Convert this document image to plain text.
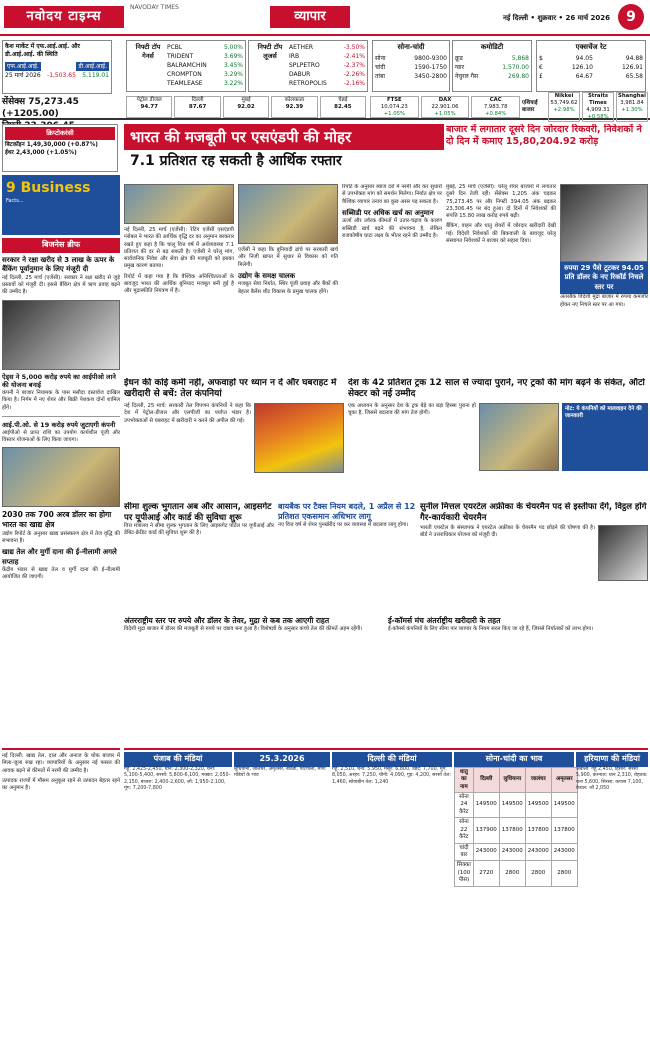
नवोदय टाइम्स
NAVODAY TIMES
व्यापार	नई दिल्ली • शुक्रवार • 26 मार्च 2026	9
कैश मार्केट में एफ.आई.आई. और डी.आई.आई. की स्थिति
एफ.आई.आई.	डी.आई.आई.
25 मार्च 2026 -1,503.65 5,119.01
सेंसेक्स 75,273.45 (+1205.00)
निफ्टी टॉप गेनर्स
PCBL	5.00%
TRIDENT	3.69%
BALRAMCHIN	3.45%
CROMPTON	3.29%
TEAMLEASE	3.22%
निफ्टी टॉप लूजर्स
AETHER	-3.50%
IRB	-2.41%
SPLPETRO	-2.37%
DABUR	-2.26%
RETROPOLIS	-2.16%
सोना-चांदी
सोना	9800-9300
चांदी	1590-1750
तांबा	3450-2800
कमोडिटी
क्रूड	5,868
ग्वार	1,570.00
नेचुरल गैस	269.80
एक्सचेंज रेट
$	94.05	94.88
€	126.10	126.91
£	64.67	65.58
पेट्रोल डीजल
94.77
दिल्ली
87.67
मुंबई
92.02
कोलकाता
92.39
चेन्नई
82.45
FTSE
10,074.23
+1.05%
DAX
22,901.06
+1.05%
CAC
7,983.78
+0.84%
एशियाई बाजार
Nikkei
53,749.62
+2.98%
Straits Times
4,909.31
+0.58%
Shanghai
3,981.84
+1.30%
क्रिप्टोकरंसी
बिटकॉइन 1,49,30,000 (+0.87%)
ईथर 2,43,000 (+1.05%)
9 Business
Facts...
बिजनेस ब्रीफ
सरकार ने रक्षा खरीद से 3 लाख के ऊपर के बैंकिंग पूर्वानुमान के लिए मंजूरी दी
नई दिल्ली, 25 मार्च (एजेंसी): सरकार ने रक्षा खरीद से जुड़े प्रस्तावों को मंजूरी दी। इससे बैंकिंग क्षेत्र में ऋण प्रवाह बढ़ने की उम्मीद है।
ऐड्स ने 5,000 करोड़ रुपये का आईपीओ लाने की योजना बनाई
कंपनी ने बाजार नियामक के पास मसौदा दस्तावेज दाखिल किया है। निर्गम में नए शेयर और बिक्री पेशकश दोनों शामिल होंगे।
आई.पी.ओ. से 19 करोड़ रुपये जुटाएगी कंपनी
आईपीओ से प्राप्त राशि का उपयोग कार्यशील पूंजी और विस्तार योजनाओं के लिए किया जाएगा।
2030 तक 700 अरब डॉलर का होगा भारत का खाद्य क्षेत्र
उद्योग रिपोर्ट के अनुसार खाद्य प्रसंस्करण क्षेत्र में तेज वृद्धि की संभावना है।
खाद्य तेल और मुर्गी दाना की ई-नीलामी अगले सप्ताह
केंद्रीय भंडार से खाद्य तेल व मुर्गी दाना की ई-नीलामी आयोजित की जाएगी।
भारत की मजबूती पर एसएंडपी की मोहर
7.1 प्रतिशत रह सकती है आर्थिक रफ्तार
बाजार में लगातार दूसरे दिन जोरदार रिकवरी, निवेशकों ने दो दिन में कमाए 15,80,204.92 करोड़
नई दिल्ली, 25 मार्च (एजेंसी): रेटिंग एजेंसी एसएंडपी ग्लोबल ने भारत की आर्थिक वृद्धि दर का अनुमान बरकरार रखते हुए कहा है कि चालू वित्त वर्ष में अर्थव्यवस्था 7.1 प्रतिशत की दर से बढ़ सकती है। एजेंसी ने घरेलू मांग, सार्वजनिक निवेश और सेवा क्षेत्र की मजबूती को इसका प्रमुख कारण बताया।
रिपोर्ट में कहा गया है कि वैश्विक अनिश्चितताओं के बावजूद भारत की आर्थिक बुनियाद मजबूत बनी हुई है और मुद्रास्फीति नियंत्रण में है।
एजेंसी ने कहा कि बुनियादी ढांचे पर सरकारी खर्च और निजी खपत में सुधार से विकास को गति मिलेगी।
उद्योग के समक्ष चालक
मजबूत सेवा निर्यात, स्थिर पूंजी प्रवाह और बैंकों की बेहतर बैलेंस शीट विकास के प्रमुख चालक होंगे।
रिपोर्ट के अनुसार ब्याज दरों में नरमी और कर सुधारों से उपभोक्ता मांग को समर्थन मिलेगा। निर्यात क्षेत्र पर वैश्विक व्यापार तनाव का कुछ असर पड़ सकता है।
सब्सिडी पर अधिक खर्च का अनुमान
ऊर्जा और उर्वरक कीमतों में उतार-चढ़ाव के कारण सब्सिडी खर्च बढ़ने की संभावना है, लेकिन राजकोषीय घाटा लक्ष्य के भीतर रहने की उम्मीद है।
मुंबई, 25 मार्च (एजेंसी): घरेलू शेयर बाजारों में लगातार दूसरे दिन तेजी रही। सेंसेक्स 1,205 अंक चढ़कर 75,273.45 पर और निफ्टी 394.05 अंक बढ़कर 23,306.45 पर बंद हुआ। दो दिनों में निवेशकों की संपत्ति 15.80 लाख करोड़ रुपये बढ़ी।
बैंकिंग, वाहन और धातु शेयरों में जोरदार खरीदारी देखी गई। विदेशी निवेशकों की बिकवाली के बावजूद घरेलू संस्थागत निवेशकों ने बाजार को सहारा दिया।
रुपया 29 पैसे टूटकर 94.05 प्रति डॉलर के नए रिकॉर्ड निचले स्तर पर
अंतरबैंक विदेशी मुद्रा बाजार में रुपया कमजोर होकर नए निचले स्तर पर आ गया।
ईंधन की कोई कमी नहीं, अफवाहों पर ध्यान न दें और घबराहट में खरीदारी से बचें: तेल कंपनियां
नई दिल्ली, 25 मार्च: सरकारी तेल विपणन कंपनियों ने कहा कि देश में पेट्रोल-डीजल और एलपीजी का पर्याप्त भंडार है। उपभोक्ताओं से घबराहट में खरीदारी न करने की अपील की गई।
देश के 42 प्रतिशत ट्रक 12 साल से ज्यादा पुराने, नए ट्रकों की मांग बढ़ने के संकेत, ऑटो सेक्टर को नई उम्मीद
एक अध्ययन के अनुसार देश के ट्रक बेड़े का बड़ा हिस्सा पुराना हो चुका है, जिससे बदलाव की मांग तेज होगी।
नोट: ये कंपनियों को मालवाहन देने की जानकारी
सीमा शुल्क भुगतान अब और आसान, आइसगेट पर यूपीआई और कार्ड की सुविधा शुरू
वित्त मंत्रालय ने सीमा शुल्क भुगतान के लिए आइसगेट पोर्टल पर यूपीआई और डेबिट-क्रेडिट कार्ड की सुविधा शुरू की है।
बायबैक पर टैक्स नियम बदले, 1 अप्रैल से 12 प्रतिशत एकसमान अधिभार लागू
नए वित्त वर्ष से शेयर पुनर्खरीद पर कर व्यवस्था में बदलाव लागू होगा।
सुनील मित्तल एयरटेल अफ्रीका के चेयरमैन पद से इस्तीफा देंगे, विट्ठल होंगे गैर-कार्यकारी चेयरमैन
भारती एयरटेल के संस्थापक ने एयरटेल अफ्रीका के चेयरमैन पद छोड़ने की घोषणा की है। बोर्ड ने उत्तराधिकार योजना को मंजूरी दी।
अंतरराष्ट्रीय स्तर पर रुपये और डॉलर के तेवर, मुद्रा से कब तक आएगी राहत
विदेशी मुद्रा बाजार में डॉलर की मजबूती से रुपये पर दबाव बना हुआ है। विशेषज्ञों के अनुसार कच्चे तेल की कीमतें अहम रहेंगी।
ई-कॉमर्स मंच अंतर्राष्ट्रीय खरीदारी के तहत
ई-कॉमर्स कंपनियों के लिए सीमा पार व्यापार के नियम सरल किए जा रहे हैं, जिससे निर्यातकों को लाभ होगा।
पंजाब की मंडियां
गेहूं: 2,425-2,450, धान: 2,300-2,320, चना: 5,100-5,400, सरसों: 5,800-6,100, मक्का: 2,050-2,150, बाजरा: 2,400-2,600, जौ: 1,950-2,100, मूंग: 7,200-7,800
25.3.2026
लुधियाना, जालंधर, अमृतसर, बठिंडा, पटियाला, मोगा मंडियों के भाव
दिल्ली की मंडियां
गेहूं: 2,510, चना: 5,950, मसूर: 6,800, उड़द: 7,700, मूंग: 8,050, अरहर: 7,250, चीनी: 4,090, गुड़: 4,200, सरसों तेल: 1,460, सोयाबीन तेल: 1,240
सोना-चांदी का भाव
धातु का नाम	दिल्ली	लुधियाना	जालंधर	अमृतसर
सोना 24 कैरेट	149500	149500	149500	149500
सोना 22 कैरेट	137900	137800	137800	137800
चांदी बार	243000	243000	243000	243000
सिक्का (100 पीस)	2720	2800	2800	2800
हरियाणा की मंडियां
अंबाला: गेहूं 2,450, हिसार: सरसों 5,900, करनाल: धान 2,310, रोहतक: चना 5,600, सिरसा: कपास 7,100, कैथल: जौ 2,050
नई दिल्ली: खाद्य तेल, दाल और अनाज के थोक बाजार में मिला-जुला रुख रहा। व्यापारियों के अनुसार नई फसल की आवक बढ़ने से कीमतों में नरमी की उम्मीद है।
उत्पादक राज्यों में मौसम अनुकूल रहने से उत्पादन बेहतर रहने का अनुमान है।
